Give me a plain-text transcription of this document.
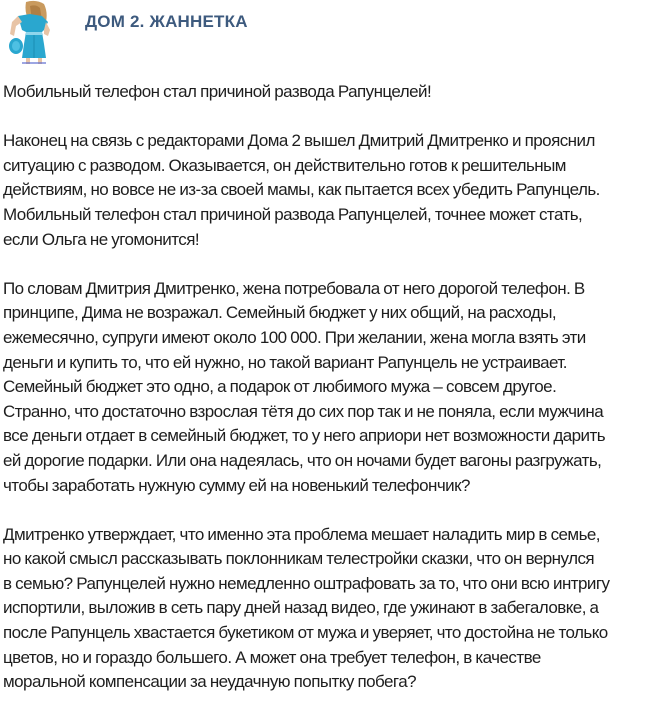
ДОМ 2. ЖАННЕТКА

Мобильный телефон стал причиной развода Рапунцелей!

Наконец на связь с редакторами Дома 2 вышел Дмитрий Дмитренко и прояснил
ситуацию с разводом. Оказывается, он действительно готов к решительным
действиям, но вовсе не из-за своей мамы, как пытается всех убедить Рапунцель.
Мобильный телефон стал причиной развода Рапунцелей, точнее может стать,
если Ольга не угомонится!

По словам Дмитрия Дмитренко, жена потребовала от него дорогой телефон. В
принципе, Дима не возражал. Семейный бюджет у них общий, на расходы,
ежемесячно, супруги имеют около 100 000. При желании, жена могла взять эти
деньги и купить то, что ей нужно, но такой вариант Рапунцель не устраивает.
Семейный бюджет это одно, а подарок от любимого мужа – совсем другое.
Странно, что достаточно взрослая тётя до сих пор так и не поняла, если мужчина
все деньги отдает в семейный бюджет, то у него априори нет возможности дарить
ей дорогие подарки. Или она надеялась, что он ночами будет вагоны разгружать,
чтобы заработать нужную сумму ей на новенький телефончик?

Дмитренко утверждает, что именно эта проблема мешает наладить мир в семье,
но какой смысл рассказывать поклонникам телестройки сказки, что он вернулся
в семью? Рапунцелей нужно немедленно оштрафовать за то, что они всю интригу
испортили, выложив в сеть пару дней назад видео, где ужинают в забегаловке, а
после Рапунцель хвастается букетиком от мужа и уверяет, что достойна не только
цветов, но и гораздо большего. А может она требует телефон, в качестве
моральной компенсации за неудачную попытку побега?
